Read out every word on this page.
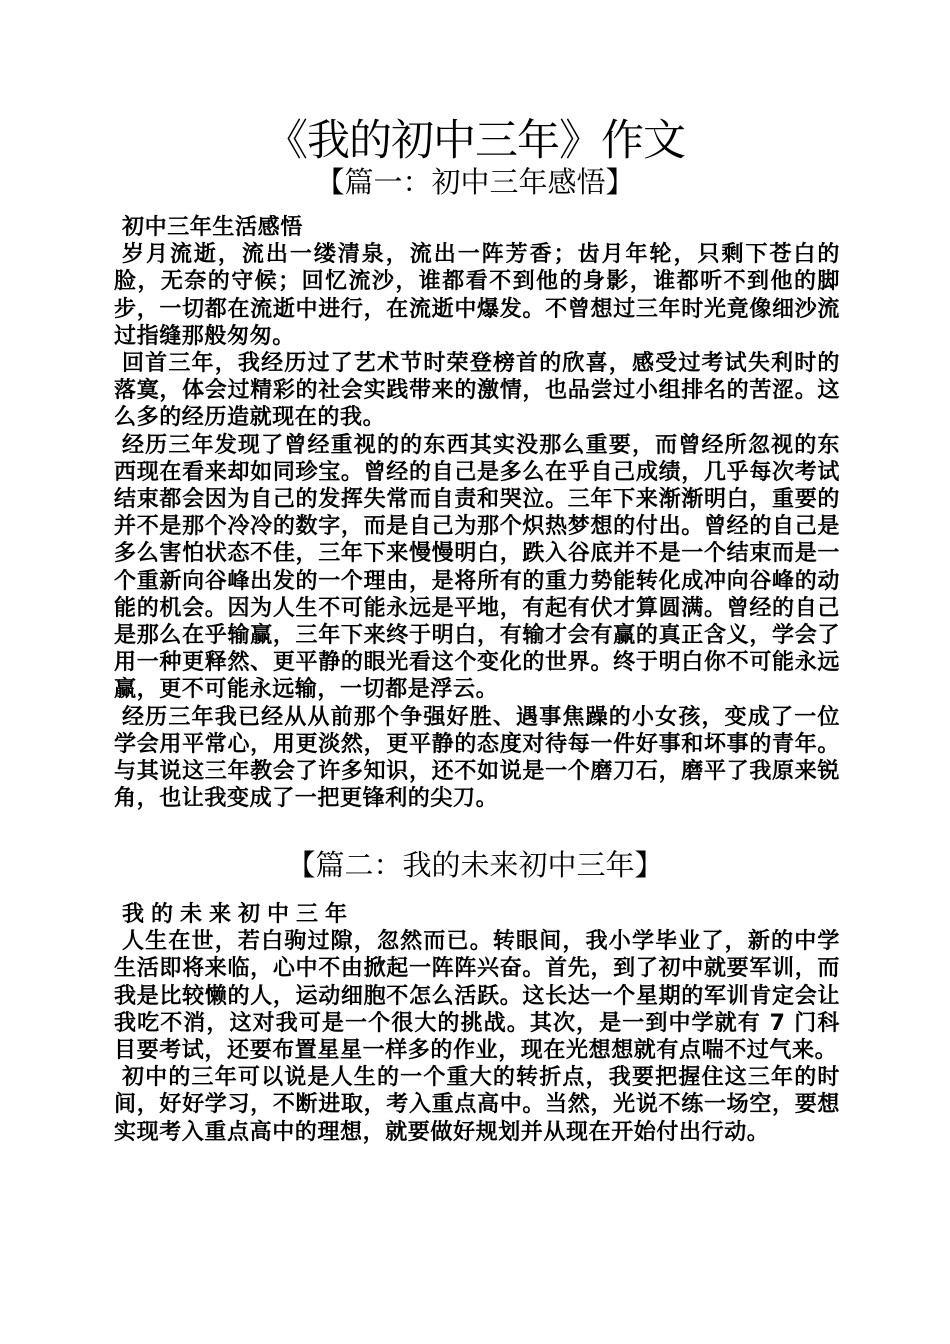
《我的初中三年》作文
【篇一：初中三年感悟】

初中三年生活感悟

岁月流逝，流出一缕清泉，流出一阵芳香；齿月年轮，只剩下苍白的脸，无奈的守候；回忆流沙，谁都看不到他的身影，谁都听不到他的脚步，一切都在流逝中进行，在流逝中爆发。不曾想过三年时光竟像细沙流过指缝那般匆匆。

回首三年，我经历过了艺术节时荣登榜首的欣喜，感受过考试失利时的落寞，体会过精彩的社会实践带来的激情，也品尝过小组排名的苦涩。这么多的经历造就现在的我。

经历三年发现了曾经重视的的东西其实没那么重要，而曾经所忽视的东西现在看来却如同珍宝。曾经的自己是多么在乎自己成绩，几乎每次考试结束都会因为自己的发挥失常而自责和哭泣。三年下来渐渐明白，重要的并不是那个冷冷的数字，而是自己为那个炽热梦想的付出。曾经的自己是多么害怕状态不佳，三年下来慢慢明白，跌入谷底并不是一个结束而是一个重新向谷峰出发的一个理由，是将所有的重力势能转化成冲向谷峰的动能的机会。因为人生不可能永远是平地，有起有伏才算圆满。曾经的自己是那么在乎输赢，三年下来终于明白，有输才会有赢的真正含义，学会了用一种更释然、更平静的眼光看这个变化的世界。终于明白你不可能永远赢，更不可能永远输，一切都是浮云。

经历三年我已经从从前那个争强好胜、遇事焦躁的小女孩，变成了一位学会用平常心，用更淡然，更平静的态度对待每一件好事和坏事的青年。与其说这三年教会了许多知识，还不如说是一个磨刀石，磨平了我原来锐角，也让我变成了一把更锋利的尖刀。

【篇二：我的未来初中三年】

我的未来初中三年

人生在世，若白驹过隙，忽然而已。转眼间，我小学毕业了，新的中学生活即将来临，心中不由掀起一阵阵兴奋。首先，到了初中就要军训，而我是比较懒的人，运动细胞不怎么活跃。这长达一个星期的军训肯定会让我吃不消，这对我可是一个很大的挑战。其次，是一到中学就有 7 门科目要考试，还要布置星星一样多的作业，现在光想想就有点喘不过气来。

初中的三年可以说是人生的一个重大的转折点，我要把握住这三年的时间，好好学习，不断进取，考入重点高中。当然，光说不练一场空，要想实现考入重点高中的理想，就要做好规划并从现在开始付出行动。
